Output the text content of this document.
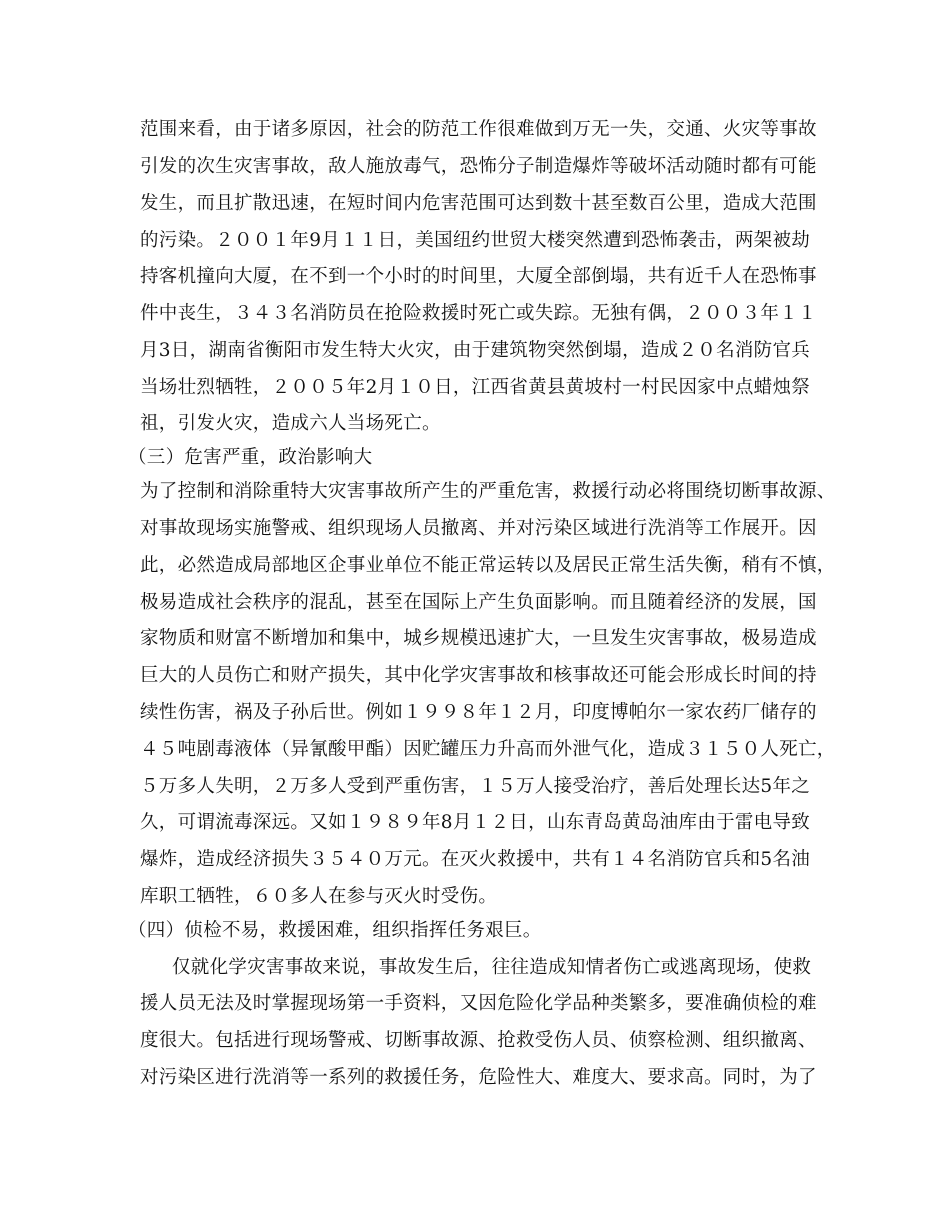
范围来看，由于诸多原因，社会的防范工作很难做到万无一失，交通、火灾等事故
引发的次生灾害事故，敌人施放毒气，恐怖分子制造爆炸等破坏活动随时都有可能
发生，而且扩散迅速，在短时间内危害范围可达到数十甚至数百公里，造成大范围
的污染。２００１年9月１１日，美国纽约世贸大楼突然遭到恐怖袭击，两架被劫
持客机撞向大厦，在不到一个小时的时间里，大厦全部倒塌，共有近千人在恐怖事
件中丧生，３４３名消防员在抢险救援时死亡或失踪。无独有偶，２００３年１１
月3日，湖南省衡阳市发生特大火灾，由于建筑物突然倒塌，造成２０名消防官兵
当场壮烈牺牲，２００５年2月１０日，江西省黄县黄坡村一村民因家中点蜡烛祭
祖，引发火灾，造成六人当场死亡。
（三）危害严重，政治影响大
为了控制和消除重特大灾害事故所产生的严重危害，救援行动必将围绕切断事故源、
对事故现场实施警戒、组织现场人员撤离、并对污染区域进行洗消等工作展开。因
此，必然造成局部地区企事业单位不能正常运转以及居民正常生活失衡，稍有不慎，
极易造成社会秩序的混乱，甚至在国际上产生负面影响。而且随着经济的发展，国
家物质和财富不断增加和集中，城乡规模迅速扩大，一旦发生灾害事故，极易造成
巨大的人员伤亡和财产损失，其中化学灾害事故和核事故还可能会形成长时间的持
续性伤害，祸及子孙后世。例如１９９８年１２月，印度博帕尔一家农药厂储存的
４５吨剧毒液体（异氰酸甲酯）因贮罐压力升高而外泄气化，造成３１５０人死亡，
５万多人失明，２万多人受到严重伤害，１５万人接受治疗，善后处理长达5年之
久，可谓流毒深远。又如１９８９年8月１２日，山东青岛黄岛油库由于雷电导致
爆炸，造成经济损失３５４０万元。在灭火救援中，共有１４名消防官兵和5名油
库职工牺牲，６０多人在参与灭火时受伤。
（四）侦检不易，救援困难，组织指挥任务艰巨。
仅就化学灾害事故来说，事故发生后，往往造成知情者伤亡或逃离现场，使救
援人员无法及时掌握现场第一手资料，又因危险化学品种类繁多，要准确侦检的难
度很大。包括进行现场警戒、切断事故源、抢救受伤人员、侦察检测、组织撤离、
对污染区进行洗消等一系列的救援任务，危险性大、难度大、要求高。同时，为了
